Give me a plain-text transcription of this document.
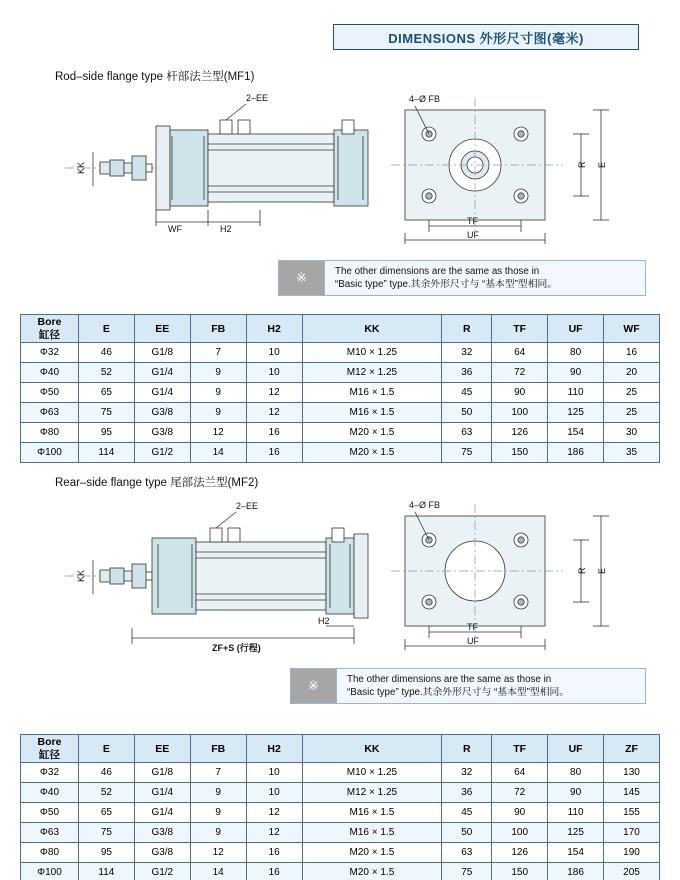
DIMENSIONS 外形尺寸图(毫米)
Rod–side flange type 杆部法兰型(MF1)
2–EE
KK
WF	H2
4–Ø FB
R E
TF
UF
※	The other dimensions are the same as those in
“Basic type” type.其余外形尺寸与 “基本型”型相同。
Bore
缸径	E	EE	FB	H2	KK	R	TF	UF	WF
Φ32	46	G1/8	7	10	M10 × 1.25	32	64	80	16
Φ40	52	G1/4	9	10	M12 × 1.25	36	72	90	20
Φ50	65	G1/4	9	12	M16 × 1.5	45	90	110	25
Φ63	75	G3/8	9	12	M16 × 1.5	50	100	125	25
Φ80	95	G3/8	12	16	M20 × 1.5	63	126	154	30
Φ100	114	G1/2	14	16	M20 × 1.5	75	150	186	35
Rear–side flange type 尾部法兰型(MF2)
2–EE
KK
ZF+S (行程)
H2
4–Ø FB
R E
TF
UF
※	The other dimensions are the same as those in
“Basic type” type.其余外形尺寸与 “基本型”型相同。
Bore
缸径	E	EE	FB	H2	KK	R	TF	UF	ZF
Φ32	46	G1/8	7	10	M10 × 1.25	32	64	80	130
Φ40	52	G1/4	9	10	M12 × 1.25	36	72	90	145
Φ50	65	G1/4	9	12	M16 × 1.5	45	90	110	155
Φ63	75	G3/8	9	12	M16 × 1.5	50	100	125	170
Φ80	95	G3/8	12	16	M20 × 1.5	63	126	154	190
Φ100	114	G1/2	14	16	M20 × 1.5	75	150	186	205
